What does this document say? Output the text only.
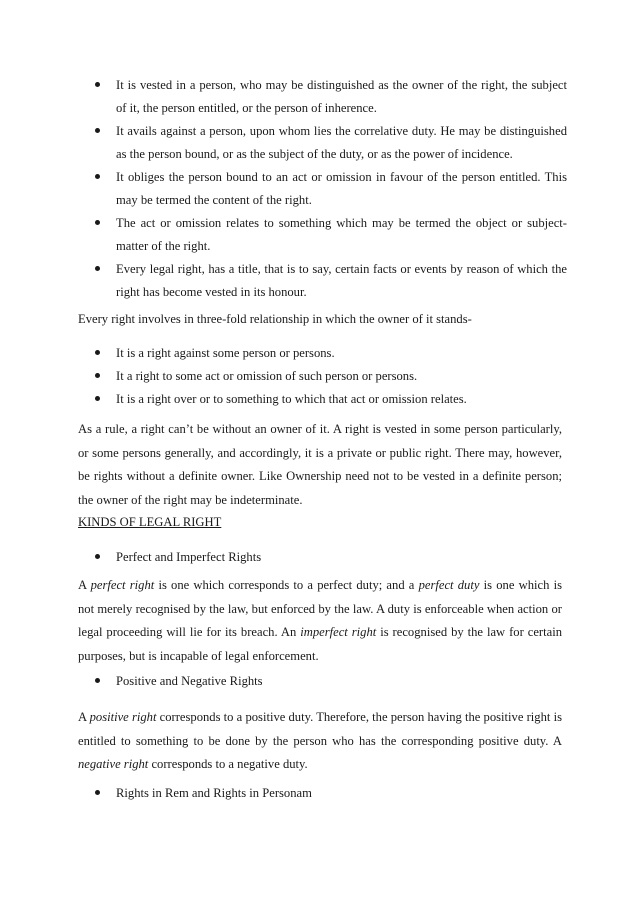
It is vested in a person, who may be distinguished as the owner of the right, the subject of it, the person entitled, or the person of inherence.
It avails against a person, upon whom lies the correlative duty. He may be distinguished as the person bound, or as the subject of the duty, or as the power of incidence.
It obliges the person bound to an act or omission in favour of the person entitled. This may be termed the content of the right.
The act or omission relates to something which may be termed the object or subject-matter of the right.
Every legal right, has a title, that is to say, certain facts or events by reason of which the right has become vested in its honour.

Every right involves in three-fold relationship in which the owner of it stands-

It is a right against some person or persons.
It a right to some act or omission of such person or persons.
It is a right over or to something to which that act or omission relates.

As a rule, a right can’t be without an owner of it. A right is vested in some person particularly, or some persons generally, and accordingly, it is a private or public right. There may, however, be rights without a definite owner. Like Ownership need not to be vested in a definite person; the owner of the right may be indeterminate.

KINDS OF LEGAL RIGHT

Perfect and Imperfect Rights

A perfect right is one which corresponds to a perfect duty; and a perfect duty is one which is not merely recognised by the law, but enforced by the law. A duty is enforceable when action or legal proceeding will lie for its breach. An imperfect right is recognised by the law for certain purposes, but is incapable of legal enforcement.

Positive and Negative Rights

A positive right corresponds to a positive duty. Therefore, the person having the positive right is entitled to something to be done by the person who has the corresponding positive duty. A negative right corresponds to a negative duty.

Rights in Rem and Rights in Personam
